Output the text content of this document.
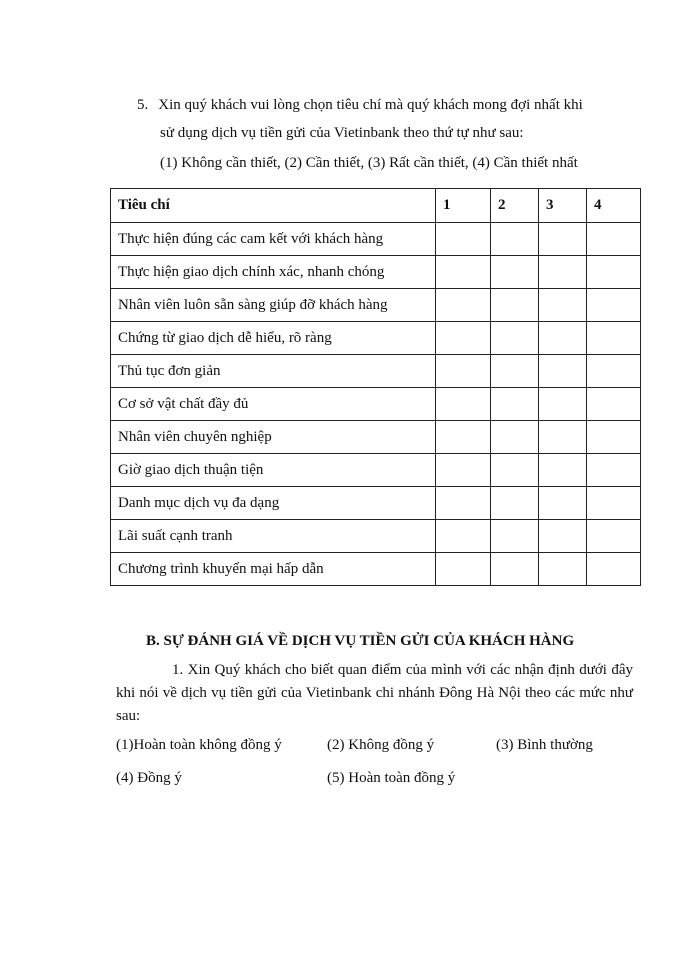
5. Xin quý khách vui lòng chọn tiêu chí mà quý khách mong đợi nhất khi
sử dụng dịch vụ tiền gửi của Vietinbank theo thứ tự như sau:
(1) Không cần thiết, (2) Cần thiết, (3) Rất cần thiết, (4) Cần thiết nhất
Tiêu chí	1	2	3	4
Thực hiện đúng các cam kết với khách hàng				
Thực hiện giao dịch chính xác, nhanh chóng				
Nhân viên luôn sẵn sàng giúp đỡ khách hàng				
Chứng từ giao dịch dễ hiểu, rõ ràng				
Thủ tục đơn giản				
Cơ sở vật chất đầy đủ				
Nhân viên chuyên nghiệp				
Giờ giao dịch thuận tiện				
Danh mục dịch vụ đa dạng				
Lãi suất cạnh tranh				
Chương trình khuyến mại hấp dẫn				
B. SỰ ĐÁNH GIÁ VỀ DỊCH VỤ TIỀN GỬI CỦA KHÁCH HÀNG
1. Xin Quý khách cho biết quan điểm của mình với các nhận định dưới đây khi nói về dịch vụ tiền gửi của Vietinbank chi nhánh Đông Hà Nội theo các mức như sau:
(1)Hoàn toàn không đồng ý	(2) Không đồng ý	(3) Bình thường
(4) Đồng ý	(5) Hoàn toàn đồng ý
